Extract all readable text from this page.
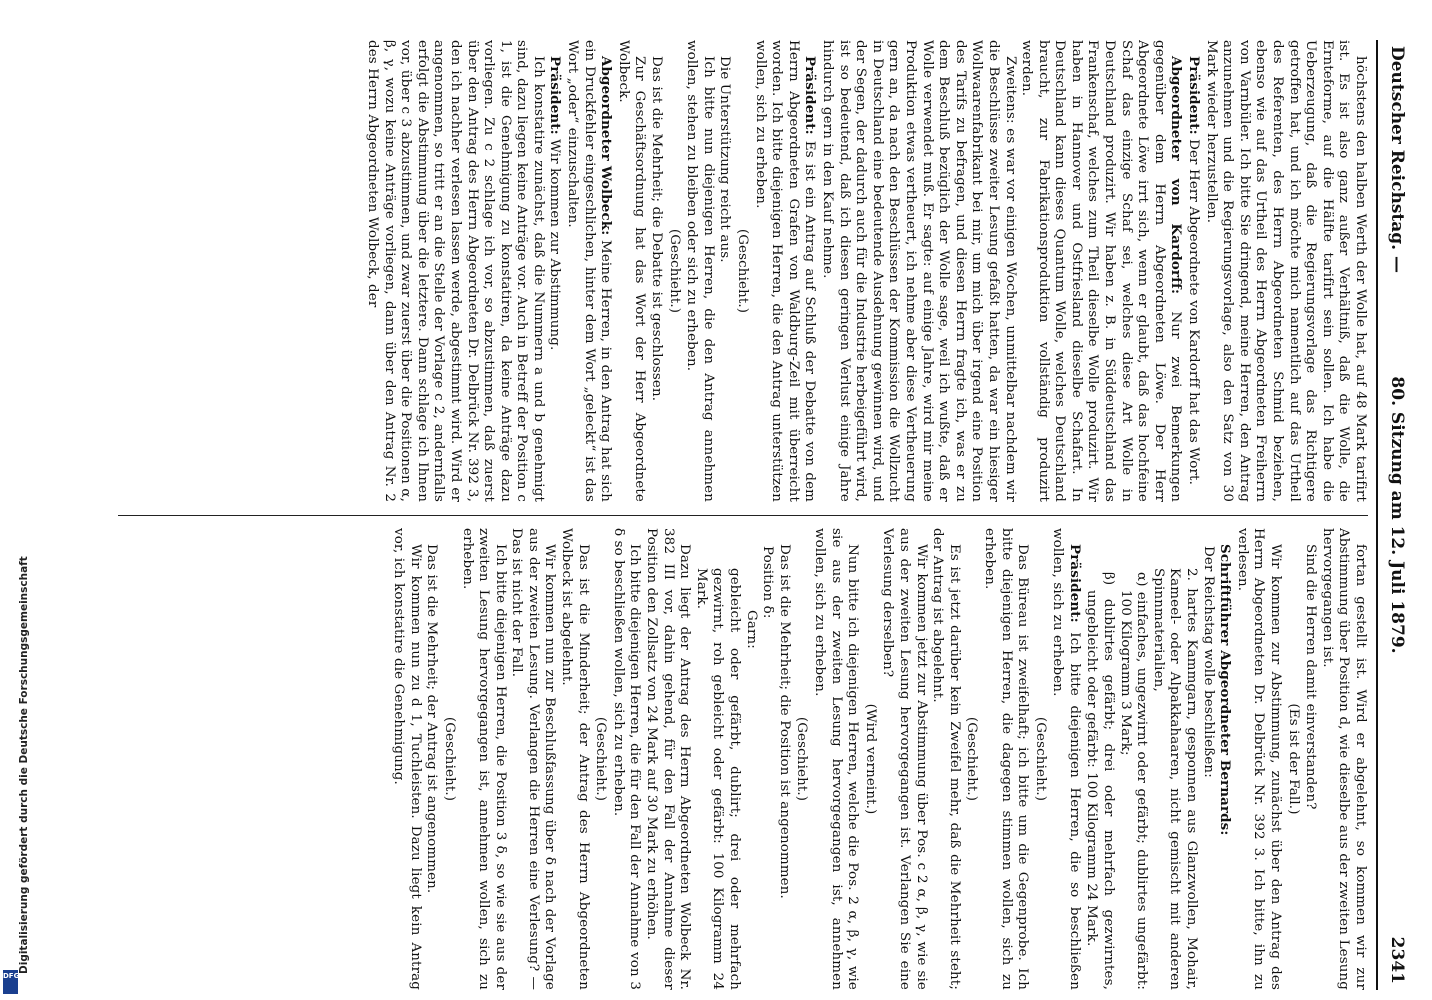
Deutscher Reichstag. —
80. Sitzung am 12. Juli 1879.
2341

höchstens den halben Werth der Wolle hat, auf 48 Mark tarifirt ist. Es ist also ganz außer Verhältniß, daß die Wolle, die Ernteforme, auf die Hälfte tarifirt sein sollen. Ich habe die Ueberzeugung, daß die Regierungsvorlage das Richtigere getroffen hat, und ich möchte mich namentlich auf das Urtheil des Referenten, des Herrn Abgeordneten Schmid beziehen, ebenso wie auf das Urtheil des Herrn Abgeordneten Freiherrn von Varnbüler. Ich bitte Sie dringend, meine Herren, den Antrag anzunehmen und die Regierungsvorlage, also den Satz von 30 Mark wieder herzustellen.

Präsident: Der Herr Abgeordnete von Kardorff hat das Wort.

Abgeordneter von Kardorff: Nur zwei Bemerkungen gegenüber dem Herrn Abgeordneten Löwe. Der Herr Abgeordnete Löwe irrt sich, wenn er glaubt, daß das hochfeine Schaf das einzige Schaf sei, welches diese Art Wolle in Deutschland produzirt. Wir haben z. B. in Süddeutschland das Frankenschaf, welches zum Theil dieselbe Wolle produzirt. Wir haben in Hannover und Ostfriesland dieselbe Schafart. In Deutschland kann dieses Quantum Wolle, welches Deutschland braucht, zur Fabrikationsproduktion vollständig produzirt werden.

Zweitens: es war vor einigen Wochen, unmittelbar nachdem wir die Beschlüsse zweiter Lesung gefaßt hatten, da war ein hiesiger Wollwaarenfabrikant bei mir, um mich über irgend eine Position des Tarifs zu befragen, und diesen Herrn fragte ich, was er zu dem Beschluß bezüglich der Wolle sage, weil ich wußte, daß er Wolle verwendet muß. Er sagte: auf einige Jahre, wird mir meine Produktion etwas vertheuert, ich nehme aber diese Vertheuerung gern an, da nach den Beschlüssen der Kommission die Wollzucht in Deutschland eine bedeutende Ausdehnung gewinnen wird, und der Segen, der dadurch auch für die Industrie herbeigeführt wird, ist so bedeutend, daß ich diesen geringen Verlust einige Jahre hindurch gern in den Kauf nehme.

Präsident: Es ist ein Antrag auf Schluß der Debatte von dem Herrn Abgeordneten Grafen von Waldburg-Zeil mit überreicht worden. Ich bitte diejenigen Herren, die den Antrag unterstützen wollen, sich zu erheben.

(Geschieht.)

Die Unterstützung reicht aus.

Ich bitte nun diejenigen Herren, die den Antrag annehmen wollen, stehen zu bleiben oder sich zu erheben.

(Geschieht.)

Das ist die Mehrheit; die Debatte ist geschlossen.

Zur Geschäftsordnung hat das Wort der Herr Abgeordnete Wolbeck.

Abgeordneter Wolbeck: Meine Herren, in den Antrag hat sich ein Druckfehler eingeschlichen, hinter dem Wort „geleckt“ ist das Wort „oder“ einzuschalten.

Präsident: Wir kommen zur Abstimmung.

Ich konstatire zunächst, daß die Nummern a und b genehmigt sind, dazu liegen keine Anträge vor. Auch in Betreff der Position c 1, ist die Genehmigung zu konstatiren, da keine Anträge dazu vorliegen. Zu c 2 schlage ich vor, so abzustimmen, daß zuerst über den Antrag des Herrn Abgeordneten Dr. Delbrück Nr. 392 3, den ich nachher verlesen lassen werde, abgestimmt wird. Wird er angenommen, so tritt er an die Stelle der Vorlage c 2, andernfalls erfolgt die Abstimmung über die letztere. Dann schlage ich Ihnen vor, über c 3 abzustimmen, und zwar zuerst über die Positionen α, β, γ, wozu keine Anträge vorliegen, dann über den Antrag Nr. 2 des Herrn Abgeordneten Wolbeck, der

fortan gestellt ist. Wird er abgelehnt, so kommen wir zur Abstimmung über Position d, wie dieselbe aus der zweiten Lesung hervorgegangen ist.

Sind die Herren damit einverstanden?

(Es ist der Fall.)

Wir kommen zur Abstimmung, zunächst über den Antrag des Herrn Abgeordneten Dr. Delbrück Nr. 392 3. Ich bitte, ihn zu verlesen.

Schriftführer Abgeordneter Bernards:

Der Reichstag wolle beschließen:

2. hartes Kammgarn, gesponnen aus Glanzwollen, Mohair, Kameel- oder Alpakkahaaren, nicht gemischt mit anderen Spinnmaterialien,

α) einfaches, ungezwirnt oder gefärbt; dublirtes ungefärbt: 100 Kilogramm 3 Mark;

β) dublirtes gefärbt; drei oder mehrfach gezwirntes, ungebleicht oder gefärbt: 100 Kilogramm 24 Mark.

Präsident: Ich bitte diejenigen Herren, die so beschließen wollen, sich zu erheben.

(Geschieht.)

Das Büreau ist zweifelhaft; ich bitte um die Gegenprobe. Ich bitte diejenigen Herren, die dagegen stimmen wollen, sich zu erheben.

(Geschieht.)

Es ist jetzt darüber kein Zweifel mehr, daß die Mehrheit steht; der Antrag ist abgelehnt.

Wir kommen jetzt zur Abstimmung über Pos. c 2 α, β, γ, wie sie aus der zweiten Lesung hervorgegangen ist. Verlangen Sie eine Verlesung derselben?

(Wird verneint.)

Nun bitte ich diejenigen Herren, welche die Pos. 2 α, β, γ, wie sie aus der zweiten Lesung hervorgegangen ist, annehmen wollen, sich zu erheben.

(Geschieht.)

Das ist die Mehrheit; die Position ist angenommen.

Position δ:

Garn:

gebleicht oder gefärbt, dublirt; drei oder mehrfach gezwirnt, roh gebleicht oder gefärbt: 100 Kilogramm 24 Mark.

Dazu liegt der Antrag des Herrn Abgeordneten Wolbeck Nr. 382 III vor, dahin gehend, für den Fall der Annahme dieser Position den Zollsatz von 24 Mark auf 30 Mark zu erhöhen.

Ich bitte diejenigen Herren, die für den Fall der Annahme von 3 δ so beschließen wollen, sich zu erheben.

(Geschieht.)

Das ist die Minderheit; der Antrag des Herrn Abgeordneten Wolbeck ist abgelehnt.

Wir kommen nun zur Beschlußfassung über δ nach der Vorlage aus der zweiten Lesung. Verlangen die Herren eine Verlesung? — Das ist nicht der Fall.

Ich bitte diejenigen Herren, die Position 3 δ, so wie sie aus der zweiten Lesung hervorgegangen ist, annehmen wollen, sich zu erheben.

(Geschieht.)

Das ist die Mehrheit; der Antrag ist angenommen.

Wir kommen nun zu d 1, Tuchleisten. Dazu liegt kein Antrag vor, ich konstatire die Genehmigung.

Digitalisierung gefördert durch die Deutsche Forschungsgemeinschaft
DFG
